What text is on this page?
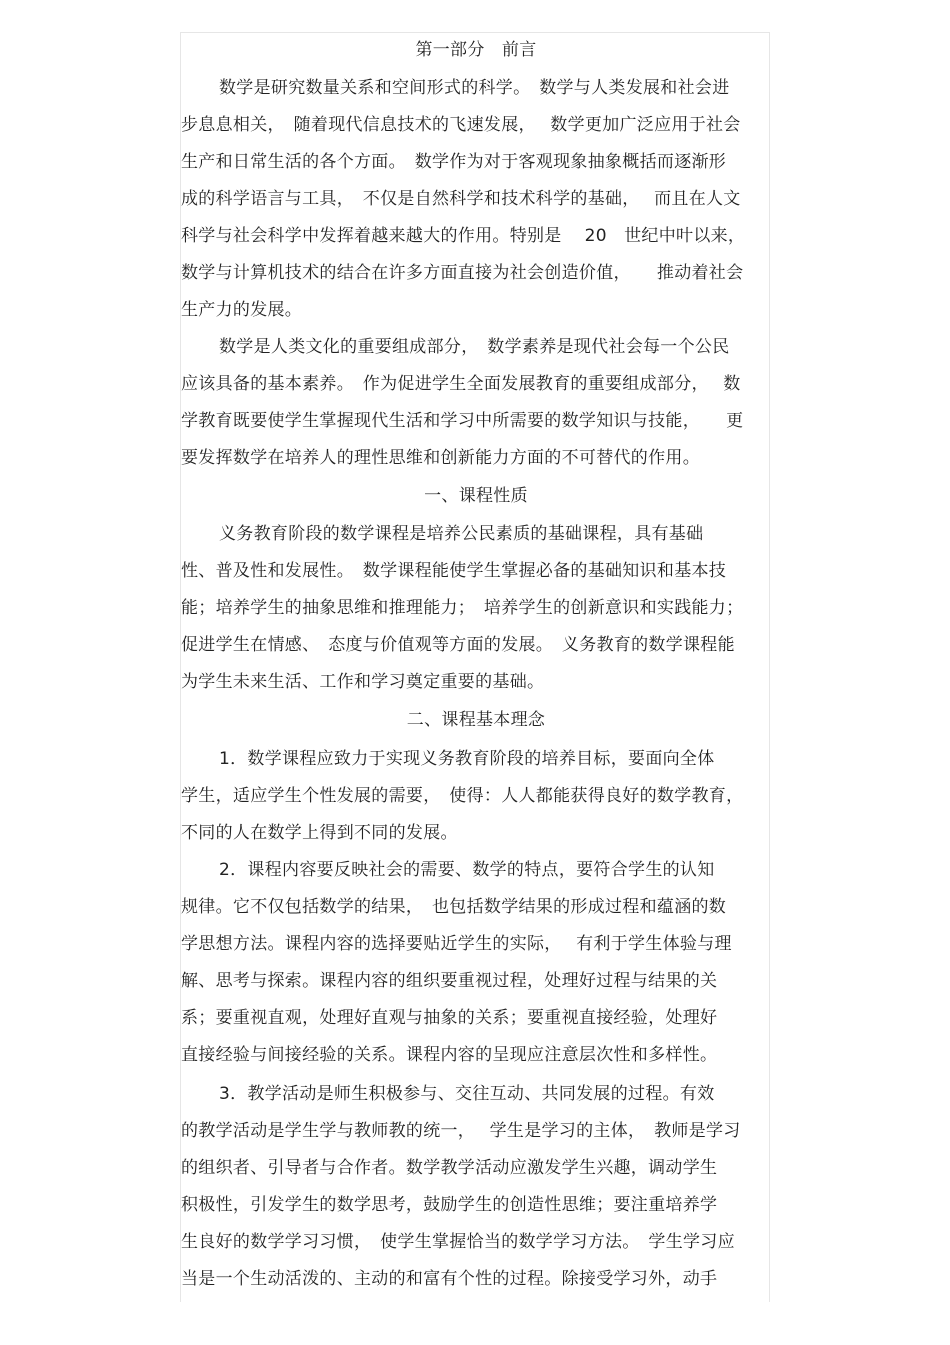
第一部分　前言
数学是研究数量关系和空间形式的科学。　数学与人类发展和社会进
步息息相关，　随着现代信息技术的飞速发展，　 数学更加广泛应用于社会
生产和日常生活的各个方面。　数学作为对于客观现象抽象概括而逐渐形
成的科学语言与工具，　不仅是自然科学和技术科学的基础，　 而且在人文
科学与社会科学中发挥着越来越大的作用。特别是　 20　世纪中叶以来，
数学与计算机技术的结合在许多方面直接为社会创造价值，　　推动着社会
生产力的发展。
数学是人类文化的重要组成部分，　数学素养是现代社会每一个公民
应该具备的基本素养。　作为促进学生全面发展教育的重要组成部分，　 数
学教育既要使学生掌握现代生活和学习中所需要的数学知识与技能，　　更
要发挥数学在培养人的理性思维和创新能力方面的不可替代的作用。
一、课程性质
义务教育阶段的数学课程是培养公民素质的基础课程，具有基础
性、普及性和发展性。　数学课程能使学生掌握必备的基础知识和基本技
能；培养学生的抽象思维和推理能力；　培养学生的创新意识和实践能力；
促进学生在情感、　态度与价值观等方面的发展。　义务教育的数学课程能
为学生未来生活、工作和学习奠定重要的基础。
二、课程基本理念
1．数学课程应致力于实现义务教育阶段的培养目标，要面向全体
学生，适应学生个性发展的需要，　使得：人人都能获得良好的数学教育，
不同的人在数学上得到不同的发展。
2．课程内容要反映社会的需要、数学的特点，要符合学生的认知
规律。它不仅包括数学的结果，　也包括数学结果的形成过程和蕴涵的数
学思想方法。课程内容的选择要贴近学生的实际，　 有利于学生体验与理
解、思考与探索。课程内容的组织要重视过程，处理好过程与结果的关
系；要重视直观，处理好直观与抽象的关系；要重视直接经验，处理好
直接经验与间接经验的关系。课程内容的呈现应注意层次性和多样性。
3．教学活动是师生积极参与、交往互动、共同发展的过程。有效
的教学活动是学生学与教师教的统一，　 学生是学习的主体，　教师是学习
的组织者、引导者与合作者。数学教学活动应激发学生兴趣，调动学生
积极性，引发学生的数学思考，鼓励学生的创造性思维；要注重培养学
生良好的数学学习习惯，　使学生掌握恰当的数学学习方法。　学生学习应
当是一个生动活泼的、主动的和富有个性的过程。除接受学习外，动手
